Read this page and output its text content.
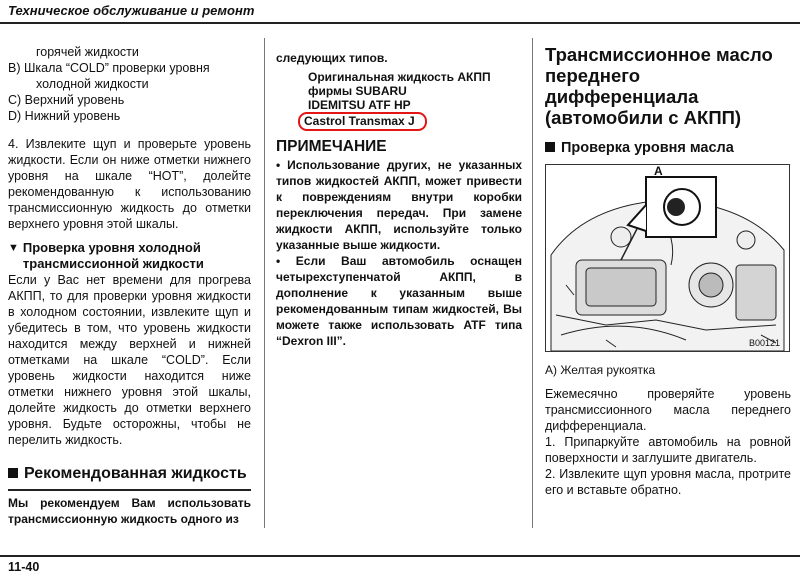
Техническое обслуживание и ремонт

горячей жидкости

B) Шкала “COLD” проверки уровня

холодной жидкости

C) Верхний уровень

D) Нижний уровень

4. Извлеките щуп и проверьте уровень жидкости. Если он ниже отметки нижнего уровня на шкале “HOT”, долейте рекомендованную к использованию трансмиссионную жидкость до отметки верхнего уровня этой шкалы.

▼ Проверка уровня холодной трансмиссионной жидкости

Если у Вас нет времени для прогрева АКПП, то для проверки уровня жидкости в холодном состоянии, извлеките щуп и убедитесь в том, что уровень жидкости находится между верхней и нижней отметками на шкале “COLD”. Если уровень жидкости находится ниже отметки нижнего уровня этой шкалы, долейте жидкость до отметки верхнего уровня. Будьте осторожны, чтобы не перелить жидкость.

Рекомендованная жидкость

Мы рекомендуем Вам использовать трансмиссионную жидкость одного из

следующих типов.

Оригинальная жидкость АКПП

фирмы SUBARU

IDEMITSU ATF HP

Castrol Transmax J

ПРИМЕЧАНИЕ

• Использование других, не указанных типов жидкостей АКПП, может привести к повреждениям внутри коробки переключения передач. При замене жидкости АКПП, используйте только указанные выше жидкости.

• Если Ваш автомобиль оснащен четырехступенчатой АКПП, в дополнение к указанным выше рекомендованным типам жидкостей, Вы можете также использовать ATF типа “Dexron III”.

Трансмиссионное масло переднего дифференциала (автомобили с АКПП)
Проверка уровня масла
A
B00121

A) Желтая рукоятка

Ежемесячно проверяйте уровень трансмиссионного масла переднего дифференциала.

1. Припаркуйте автомобиль на ровной поверхности и заглушите двигатель.

2. Извлеките щуп уровня масла, протрите его и вставьте обратно.

11-40
